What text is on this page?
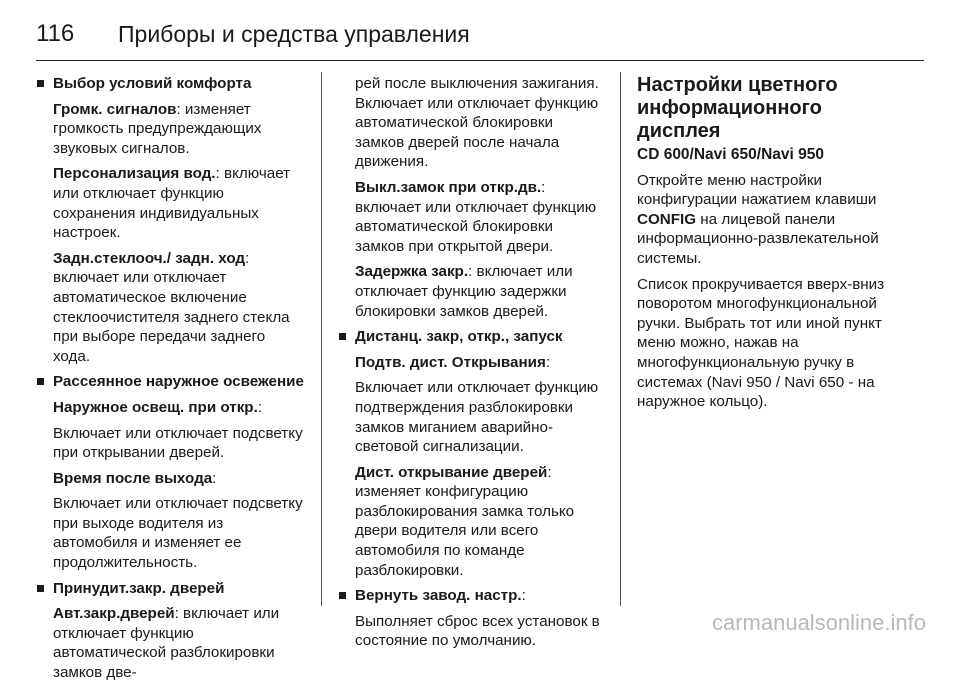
116	Приборы и средства управления
Выбор условий комфорта

Громк. сигналов: изменяет громкость предупреждающих звуковых сигналов.

Персонализация вод.: включает или отключает функцию сохранения индивидуальных настроек.

Задн.стеклооч./ задн. ход: включает или отключает автоматическое включение стеклоочистителя заднего стекла при выборе передачи заднего хода.

Рассеянное наружное освежение

Наружное освещ. при откр.:

Включает или отключает подсветку при открывании дверей.

Время после выхода:

Включает или отключает подсветку при выходе водителя из автомобиля и изменяет ее продолжительность.

Принудит.закр. дверей

Авт.закр.дверей: включает или отключает функцию автоматической разблокировки замков две-

рей после выключения зажигания. Включает или отключает функцию автоматической блокировки замков дверей после начала движения.

Выкл.замок при откр.дв.: включает или отключает функцию автоматической блокировки замков при открытой двери.

Задержка закр.: включает или отключает функцию задержки блокировки замков дверей.

Дистанц. закр, откр., запуск

Подтв. дист. Открывания:

Включает или отключает функцию подтверждения разблокировки замков миганием аварийно-световой сигнализации.

Дист. открывание дверей: изменяет конфигурацию разблокирования замка только двери водителя или всего автомобиля по команде разблокировки.

Вернуть завод. настр.:

Выполняет сброс всех установок в состояние по умолчанию.

Настройки цветного информационного дисплея
CD 600/Navi 650/Navi 950

Откройте меню настройки конфигурации нажатием клавиши CONFIG на лицевой панели информационно-развлекательной системы.

Список прокручивается вверх-вниз поворотом многофункциональной ручки. Выбрать тот или иной пункт меню можно, нажав на многофункциональную ручку в системах (Navi 950 / Navi 650 - на наружное кольцо).

carmanualsonline.info
